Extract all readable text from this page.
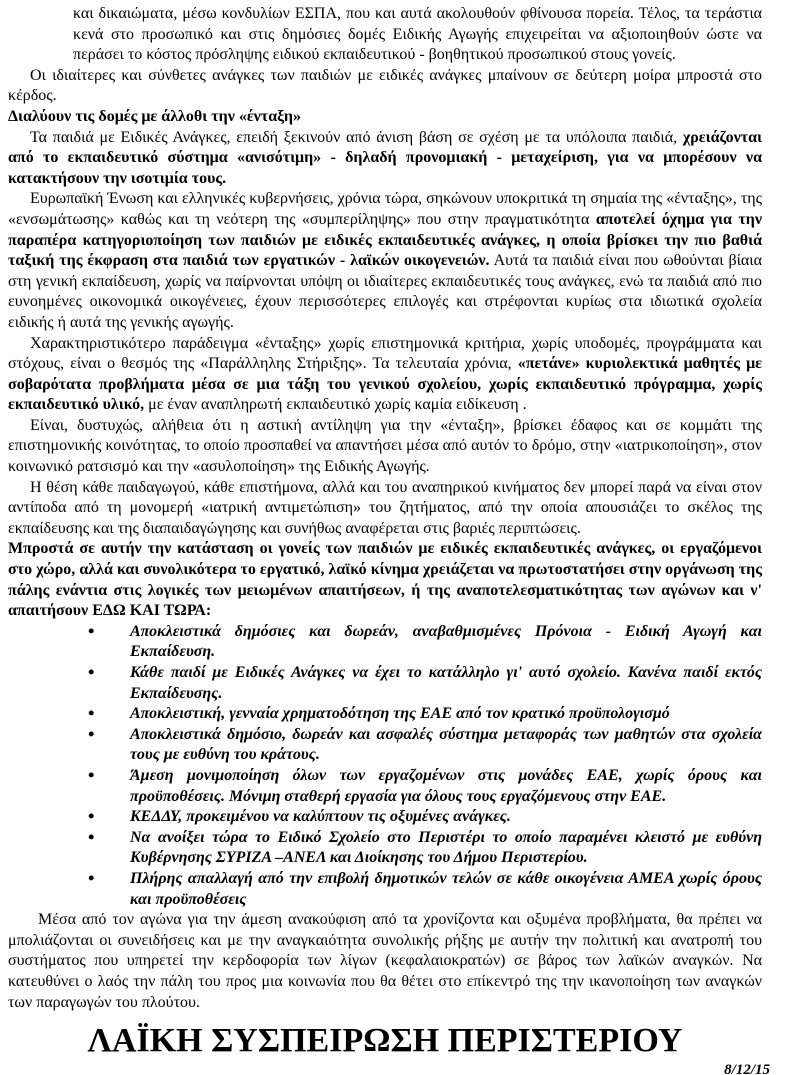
και δικαιώματα, μέσω κονδυλίων ΕΣΠΑ, που και αυτά ακολουθούν φθίνουσα πορεία. Τέλος, τα τεράστια κενά στο προσωπικό και στις δημόσιες δομές Ειδικής Αγωγής επιχειρείται να αξιοποιηθούν ώστε να περάσει το κόστος πρόσληψης ειδικού εκπαιδευτικού - βοηθητικού προσωπικού στους γονείς.

Οι ιδιαίτερες και σύνθετες ανάγκες των παιδιών με ειδικές ανάγκες μπαίνουν σε δεύτερη μοίρα μπροστά στο κέρδος.

Διαλύουν τις δομές με άλλοθι την «ένταξη»

Τα παιδιά με Ειδικές Ανάγκες, επειδή ξεκινούν από άνιση βάση σε σχέση με τα υπόλοιπα παιδιά, χρειάζονται από το εκπαιδευτικό σύστημα «ανισότιμη» - δηλαδή προνομιακή - μεταχείριση, για να μπορέσουν να κατακτήσουν την ισοτιμία τους.

Ευρωπαϊκή Ένωση και ελληνικές κυβερνήσεις, χρόνια τώρα, σηκώνουν υποκριτικά τη σημαία της «ένταξης», της «ενσωμάτωσης» καθώς και τη νεότερη της «συμπερίληψης» που στην πραγματικότητα αποτελεί όχημα για την παραπέρα κατηγοριοποίηση των παιδιών με ειδικές εκπαιδευτικές ανάγκες, η οποία βρίσκει την πιο βαθιά ταξική της έκφραση στα παιδιά των εργατικών - λαϊκών οικογενειών. Αυτά τα παιδιά είναι που ωθούνται βίαια στη γενική εκπαίδευση, χωρίς να παίρνονται υπόψη οι ιδιαίτερες εκπαιδευτικές τους ανάγκες, ενώ τα παιδιά από πιο ευνοημένες οικονομικά οικογένειες, έχουν περισσότερες επιλογές και στρέφονται κυρίως στα ιδιωτικά σχολεία ειδικής ή αυτά της γενικής αγωγής.

Χαρακτηριστικότερο παράδειγμα «ένταξης» χωρίς επιστημονικά κριτήρια, χωρίς υποδομές, προγράμματα και στόχους, είναι ο θεσμός της «Παράλληλης Στήριξης». Τα τελευταία χρόνια, «πετάνε» κυριολεκτικά μαθητές με σοβαρότατα προβλήματα μέσα σε μια τάξη του γενικού σχολείου, χωρίς εκπαιδευτικό πρόγραμμα, χωρίς εκπαιδευτικό υλικό, με έναν αναπληρωτή εκπαιδευτικό χωρίς καμία ειδίκευση .

Είναι, δυστυχώς, αλήθεια ότι η αστική αντίληψη για την «ένταξη», βρίσκει έδαφος και σε κομμάτι της επιστημονικής κοινότητας, το οποίο προσπαθεί να απαντήσει μέσα από αυτόν το δρόμο, στην «ιατρικοποίηση», στον κοινωνικό ρατσισμό και την «ασυλοποίηση» της Ειδικής Αγωγής.

Η θέση κάθε παιδαγωγού, κάθε επιστήμονα, αλλά και του αναπηρικού κινήματος δεν μπορεί παρά να είναι στον αντίποδα από τη μονομερή «ιατρική αντιμετώπιση» του ζητήματος, από την οποία απουσιάζει το σκέλος της εκπαίδευσης και της διαπαιδαγώγησης και συνήθως αναφέρεται στις βαριές περιπτώσεις.

Μπροστά σε αυτήν την κατάσταση οι γονείς των παιδιών με ειδικές εκπαιδευτικές ανάγκες, οι εργαζόμενοι στο χώρο, αλλά και συνολικότερα το εργατικό, λαϊκό κίνημα χρειάζεται να πρωτοστατήσει στην οργάνωση της πάλης ενάντια στις λογικές των μειωμένων απαιτήσεων, ή της αναποτελεσματικότητας των αγώνων και ν' απαιτήσουν ΕΔΩ ΚΑΙ ΤΩΡΑ:

• Αποκλειστικά δημόσιες και δωρεάν, αναβαθμισμένες Πρόνοια - Ειδική Αγωγή και Εκπαίδευση.
• Κάθε παιδί με Ειδικές Ανάγκες να έχει το κατάλληλο γι' αυτό σχολείο. Κανένα παιδί εκτός Εκπαίδευσης.
• Αποκλειστική, γενναία χρηματοδότηση της ΕΑΕ από τον κρατικό προϋπολογισμό
• Αποκλειστικά δημόσιο, δωρεάν και ασφαλές σύστημα μεταφοράς των μαθητών στα σχολεία τους με ευθύνη του κράτους.
• Άμεση μονιμοποίηση όλων των εργαζομένων στις μονάδες ΕΑΕ, χωρίς όρους και προϋποθέσεις. Μόνιμη σταθερή εργασία για όλους τους εργαζόμενους στην ΕΑΕ.
• ΚΕΔΔΥ, προκειμένου να καλύπτουν τις οξυμένες ανάγκες.
• Να ανοίξει τώρα το Ειδικό Σχολείο στο Περιστέρι το οποίο παραμένει κλειστό με ευθύνη Κυβέρνησης ΣΥΡΙΖΑ –ΑΝΕΛ και Διοίκησης του Δήμου Περιστερίου.
• Πλήρης απαλλαγή από την επιβολή δημοτικών τελών σε κάθε οικογένεια ΑΜΕΑ χωρίς όρους και προϋποθέσεις

Μέσα από τον αγώνα για την άμεση ανακούφιση από τα χρονίζοντα και οξυμένα προβλήματα, θα πρέπει να μπολιάζονται οι συνειδήσεις και με την αναγκαιότητα συνολικής ρήξης με αυτήν την πολιτική και ανατροπή του συστήματος που υπηρετεί την κερδοφορία των λίγων (κεφαλαιοκρατών) σε βάρος των λαϊκών αναγκών. Να κατευθύνει ο λαός την πάλη του προς μια κοινωνία που θα θέτει στο επίκεντρό της την ικανοποίηση των αναγκών των παραγωγών του πλούτου.

ΛΑΪΚΗ ΣΥΣΠΕΙΡΩΣΗ ΠΕΡΙΣΤΕΡΙΟΥ
8/12/15
